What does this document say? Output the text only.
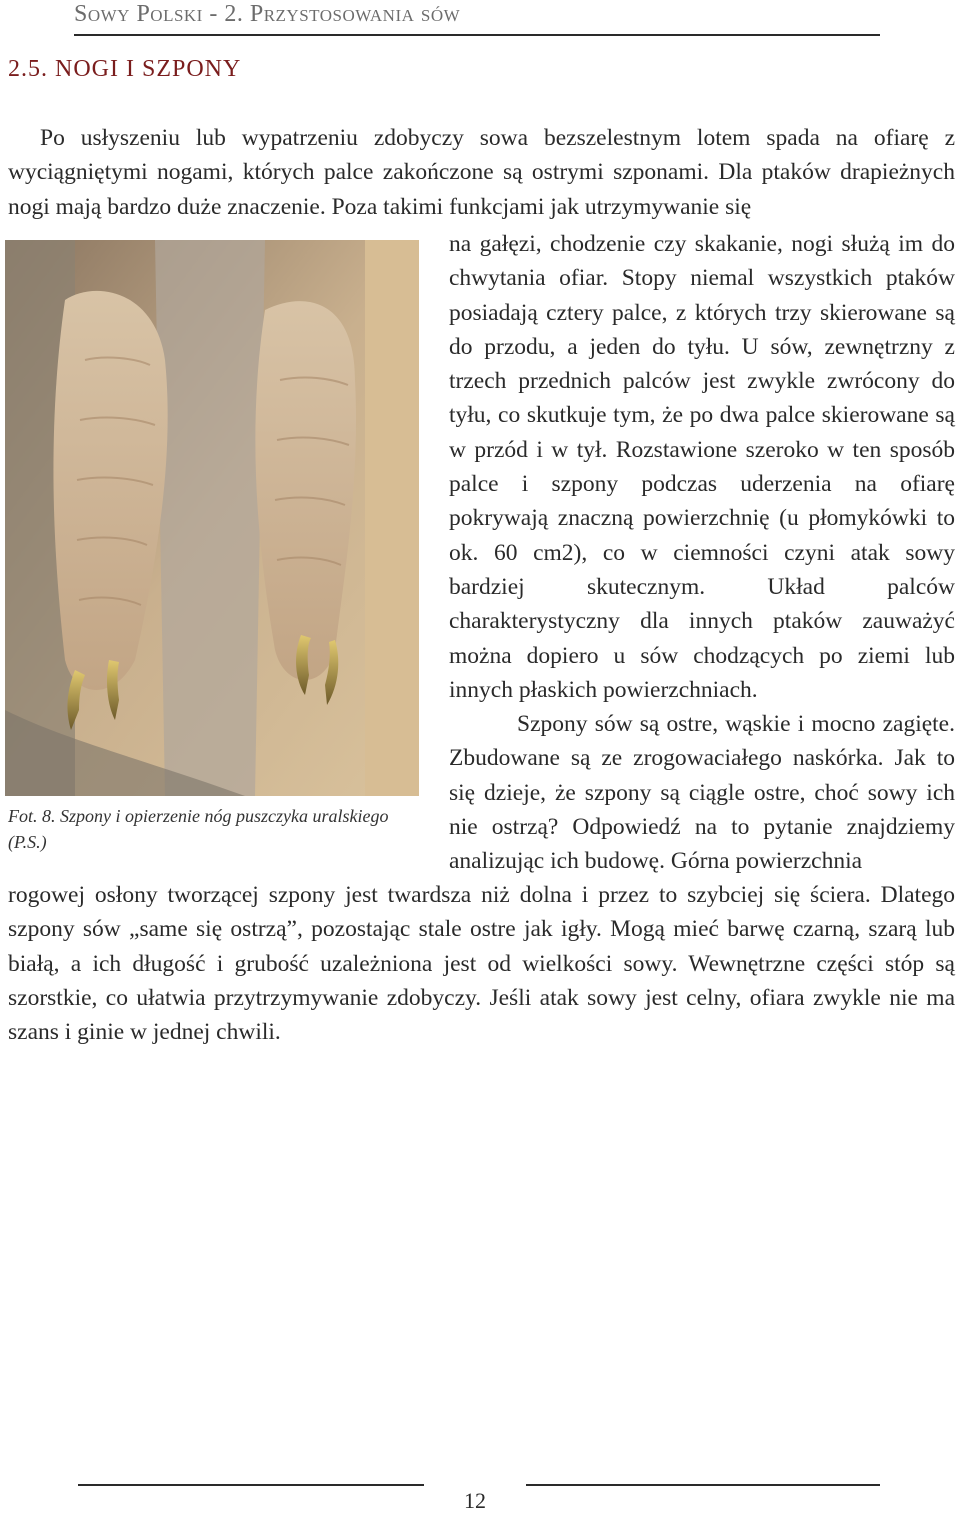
Sowy Polski - 2. Przystosowania sów
2.5. NOGI I SZPONY

Po usłyszeniu lub wypatrzeniu zdobyczy sowa bezszelestnym lotem spada na ofiarę z wyciągniętymi nogami, których palce zakończone są ostrymi szponami. Dla ptaków drapieżnych nogi mają bardzo duże znaczenie. Poza takimi funkcjami jak utrzymywanie się

Fot. 8. Szpony i opierzenie nóg puszczyka uralskiego (P.S.)

na gałęzi, chodzenie czy skakanie, nogi służą im do chwytania ofiar. Stopy niemal wszystkich ptaków posiadają cztery palce, z których trzy skierowane są do przodu, a jeden do tyłu. U sów, zewnętrzny z trzech przednich palców jest zwykle zwrócony do tyłu, co skutkuje tym, że po dwa palce skierowane są w przód i w tył. Rozstawione szeroko w ten sposób palce i szpony podczas uderzenia na ofiarę pokrywają znaczną powierzchnię (u płomykówki to ok. 60 cm2), co w ciemności czyni atak sowy bardziej skutecznym. Układ palców charakterystyczny dla innych ptaków zauważyć można dopiero u sów chodzących po ziemi lub innych płaskich powierzchniach.

Szpony sów są ostre, wąskie i mocno zagięte. Zbudowane są ze zrogowaciałego naskórka. Jak to się dzieje, że szpony są ciągle ostre, choć sowy ich nie ostrzą? Odpowiedź na to pytanie znajdziemy analizując ich budowę. Górna powierzchnia

rogowej osłony tworzącej szpony jest twardsza niż dolna i przez to szybciej się ściera. Dlatego szpony sów „same się ostrzą”, pozostając stale ostre jak igły. Mogą mieć barwę czarną, szarą lub białą, a ich długość i grubość uzależniona jest od wielkości sowy. Wewnętrzne części stóp są szorstkie, co ułatwia przytrzymywanie zdobyczy. Jeśli atak sowy jest celny, ofiara zwykle nie ma szans i ginie w jednej chwili.

12
